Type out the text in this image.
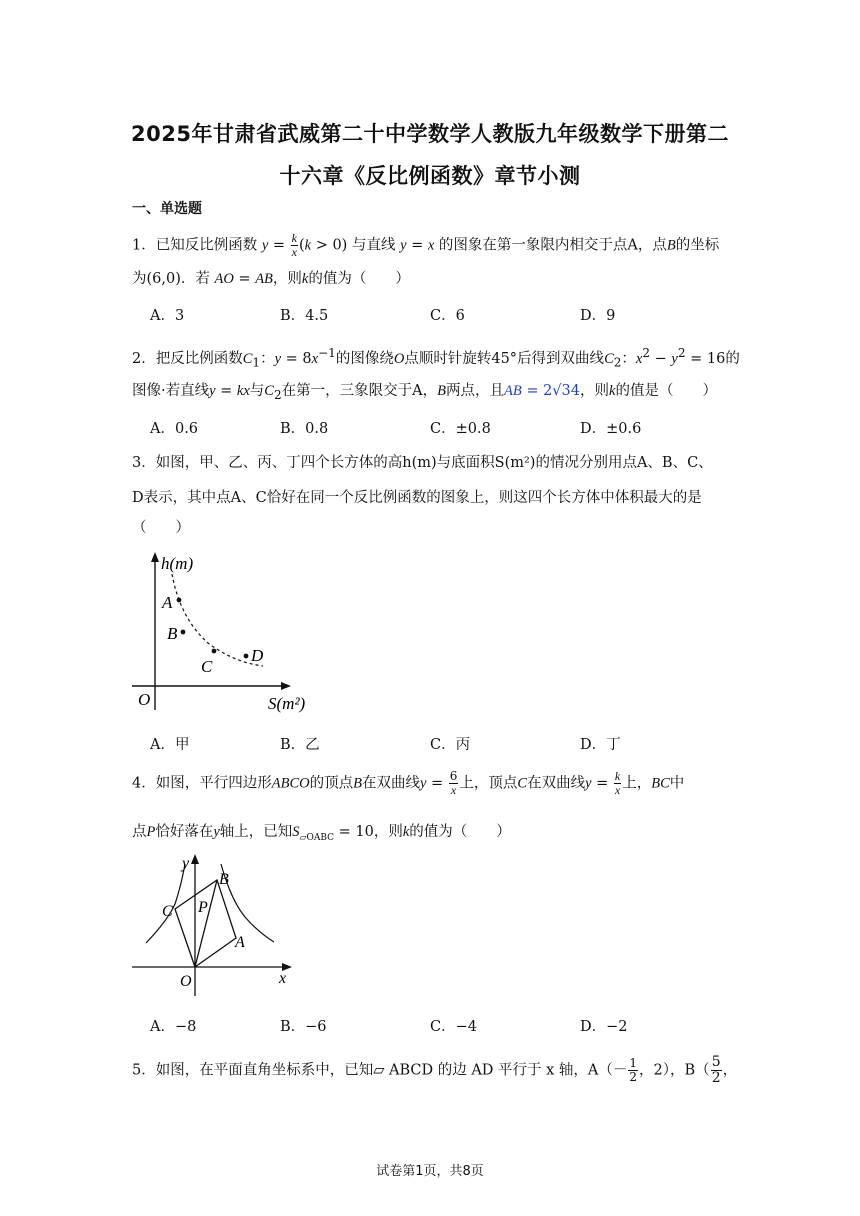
2025年甘肃省武威第二十中学数学人教版九年级数学下册第二
十六章《反比例函数》章节小测
一、单选题
1．已知反比例函数 $y = \frac{k}{x} (k > 0)$ 与直线 y = x 的图象在第一象限内相交于点A，点B的坐标
为(6,0)．若 AO = AB，则k的值为（　　）
A．3	B．4.5	C．6	D．9
2．把反比例函数$C_1$：$y = 8x^{-1}$的图像绕O点顺时针旋转45°后得到双曲线$C_2$：$x^2 - y^2 = 16$的
图像·若直线y = kx与$C_2$在第一，三象限交于A，B两点，且AB = 2√34，则k的值是（　　）
A．0.6	B．0.8	C．±0.8	D．±0.6
3．如图，甲、乙、丙、丁四个长方体的高h(m)与底面积S(m²)的情况分别用点A、B、C、
D表示，其中点A、C恰好在同一个反比例函数的图象上，则这四个长方体中体积最大的是
（　　）
h(m)
O	S(m²)
A
B
C
D
A．甲	B．乙	C．丙	D．丁
4．如图，平行四边形ABCO的顶点B在双曲线$y = \frac{6}{x}$ 上，顶点C在双曲线$y = \frac{k}{x}$ 上，BC中
点P恰好落在y轴上，已知$S_{▱OABC} = 10$，则k的值为（　　）
y
x
O
B
C P
A
A．−8	B．−6	C．−4	D．−2
5．如图，在平面直角坐标系中，已知▱ ABCD 的边 AD 平行于 x 轴，$A(- \frac{1}{2}$ ，2），$B( \frac{5}{2}$ ，
试卷第1页，共8页
